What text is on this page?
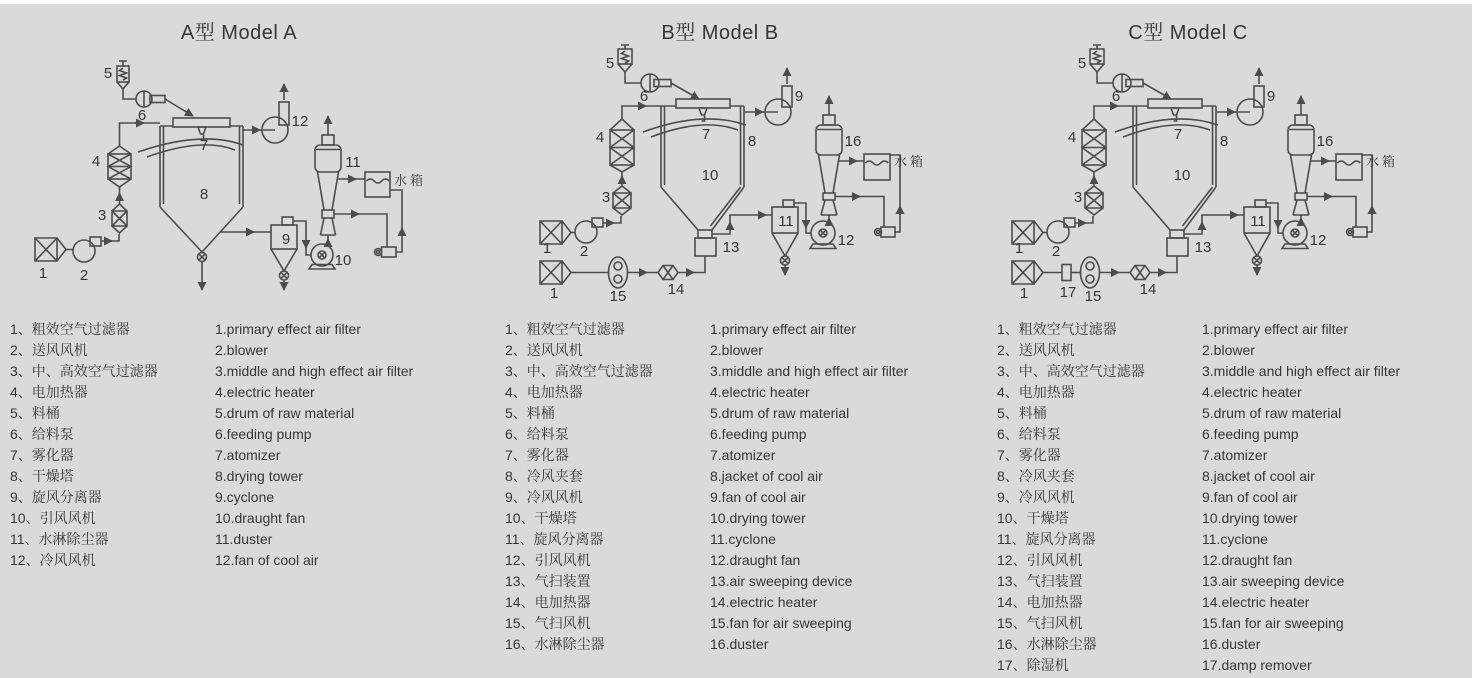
A型 Model A	B型 Model B	C型 Model C
5
6
4
3
1 2
7
8
12
11
9
10
水箱
5
6
4
3
1 2
1	15	14
13
7
10
8
9
16
11
12
水箱
5
6
4
3
1 2
1 17 15	14
13
7
10
8
9
16
11
12
水箱
1、粗效空气过滤器	1.primary effect air filter
2、送风风机	2.blower
3、中、高效空气过滤器	3.middle and high effect air filter
4、电加热器	4.electric heater
5、料桶	5.drum of raw material
6、给料泵	6.feeding pump
7、雾化器	7.atomizer
8、干燥塔	8.drying tower
9、旋风分离器	9.cyclone
10、引风风机	10.draught fan
11、水淋除尘器	11.duster
12、冷风风机	12.fan of cool air
1、粗效空气过滤器	1.primary effect air filter
2、送风风机	2.blower
3、中、高效空气过滤器	3.middle and high effect air filter
4、电加热器	4.electric heater
5、料桶	5.drum of raw material
6、给料泵	6.feeding pump
7、雾化器	7.atomizer
8、冷风夹套	8.jacket of cool air
9、冷风风机	9.fan of cool air
10、干燥塔	10.drying tower
11、旋风分离器	11.cyclone
12、引风风机	12.draught fan
13、气扫装置	13.air sweeping device
14、电加热器	14.electric heater
15、气扫风机	15.fan for air sweeping
16、水淋除尘器	16.duster
1、粗效空气过滤器	1.primary effect air filter
2、送风风机	2.blower
3、中、高效空气过滤器	3.middle and high effect air filter
4、电加热器	4.electric heater
5、料桶	5.drum of raw material
6、给料泵	6.feeding pump
7、雾化器	7.atomizer
8、冷风夹套	8.jacket of cool air
9、冷风风机	9.fan of cool air
10、干燥塔	10.drying tower
11、旋风分离器	11.cyclone
12、引风风机	12.draught fan
13、气扫装置	13.air sweeping device
14、电加热器	14.electric heater
15、气扫风机	15.fan for air sweeping
16、水淋除尘器	16.duster
17、除湿机	17.damp remover
